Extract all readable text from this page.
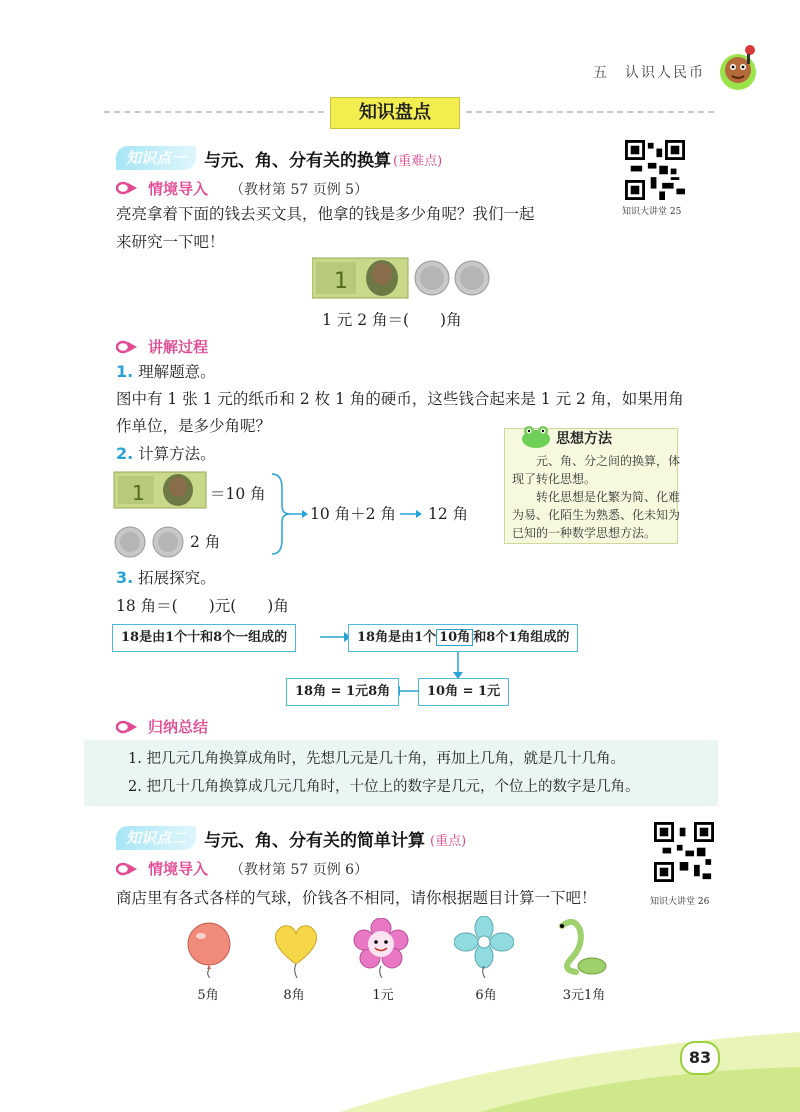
五　认识人民币
知识盘点
知识点一	与元、角、分有关的换算 (重难点)
知识大讲堂 25
情境导入 （教材第 57 页例 5）
亮亮拿着下面的钱去买文具，他拿的钱是多少角呢？我们一起
来研究一下吧！
1
1 元 2 角＝(　　)角
讲解过程
1. 理解题意。
图中有 1 张 1 元的纸币和 2 枚 1 角的硬币，这些钱合起来是 1 元 2 角，如果用角
作单位，是多少角呢？
2. 计算方法。
1	＝10 角
2 角
10 角＋2 角 12 角
思想方法
　　元、角、分之间的换算，体
现了转化思想。
　　转化思想是化繁为简、化难
为易、化陌生为熟悉、化未知为
已知的一种数学思想方法。
3. 拓展探究。
18 角＝(　　)元(　　)角
18是由1个十和8个一组成的	18角是由1个 10角 和8个1角组成的
10角 = 1元
18角 = 1元8角
归纳总结
1. 把几元几角换算成角时，先想几元是几十角，再加上几角，就是几十几角。
2. 把几十几角换算成几元几角时，十位上的数字是几元，个位上的数字是几角。
知识点二	与元、角、分有关的简单计算 (重点)
知识大讲堂 26
情境导入 （教材第 57 页例 6）
商店里有各式各样的气球，价钱各不相同，请你根据题目计算一下吧！
5角	8角	1元	6角	3元1角
83
